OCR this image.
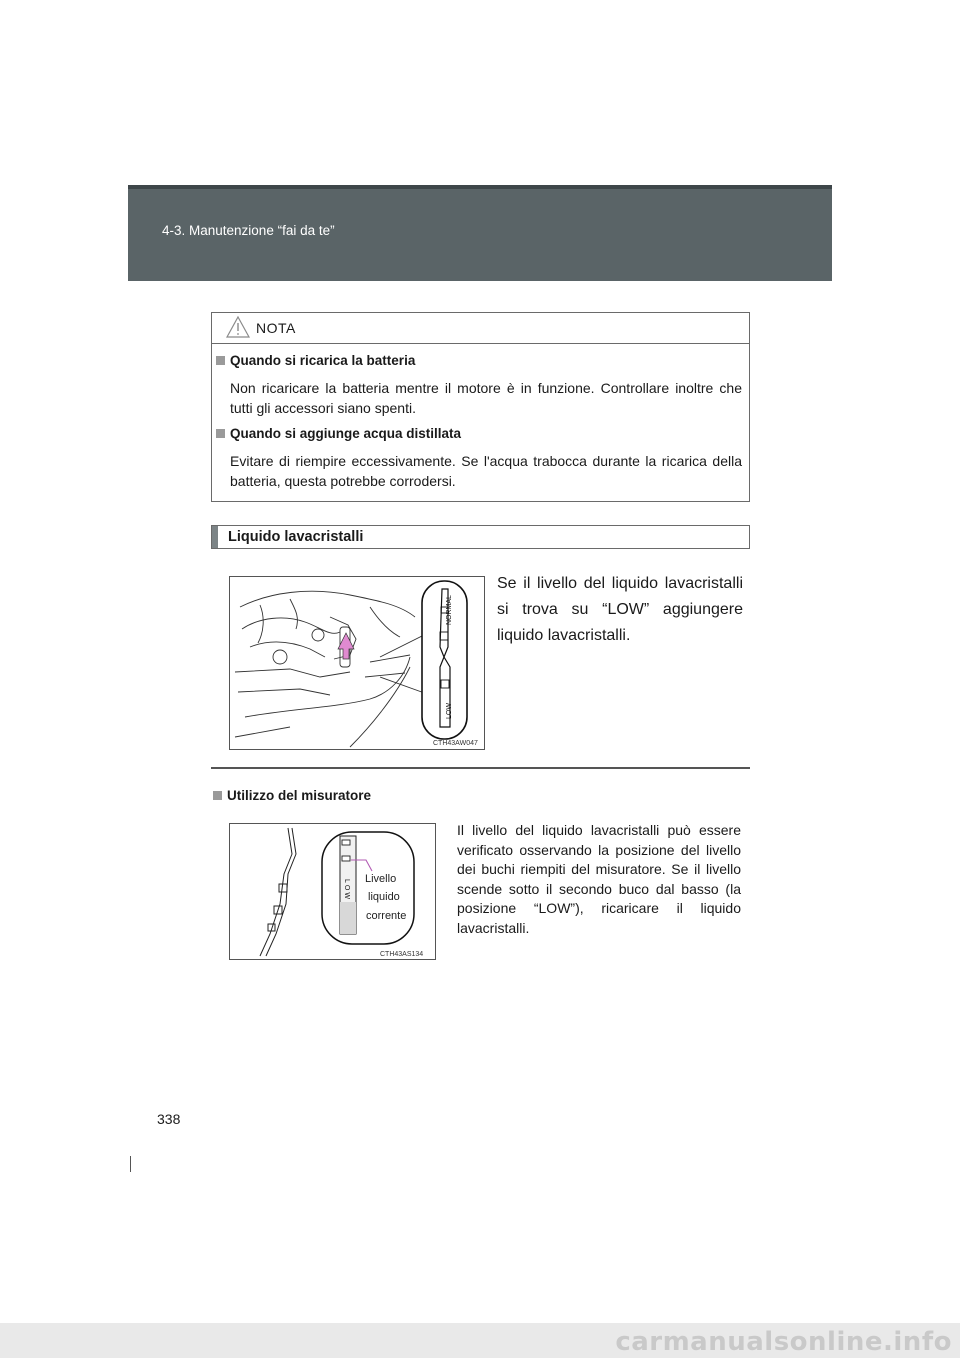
4-3. Manutenzione “fai da te”
NOTA
Quando si ricarica la batteria
Non ricaricare la batteria mentre il motore è in funzione. Controllare inoltre che tutti gli accessori siano spenti.
Quando si aggiunge acqua distillata
Evitare di riempire eccessivamente. Se l'acqua trabocca durante la ricarica della batteria, questa potrebbe corrodersi.
Liquido lavacristalli
NORMAL
LOW
CTH43AW047
Se il livello del liquido lavacristalli si trova su “LOW” aggiungere liquido lavacristalli.
Utilizzo del misuratore
LOW Livello
liquido
corrente
CTH43AS134
Il livello del liquido lavacristalli può essere verificato osservando la posizione del livello dei buchi riempiti del misuratore. Se il livello scende sotto il secondo buco dal basso (la posizione “LOW”), ricaricare il liquido lavacristalli.
338
carmanualsonline.info
